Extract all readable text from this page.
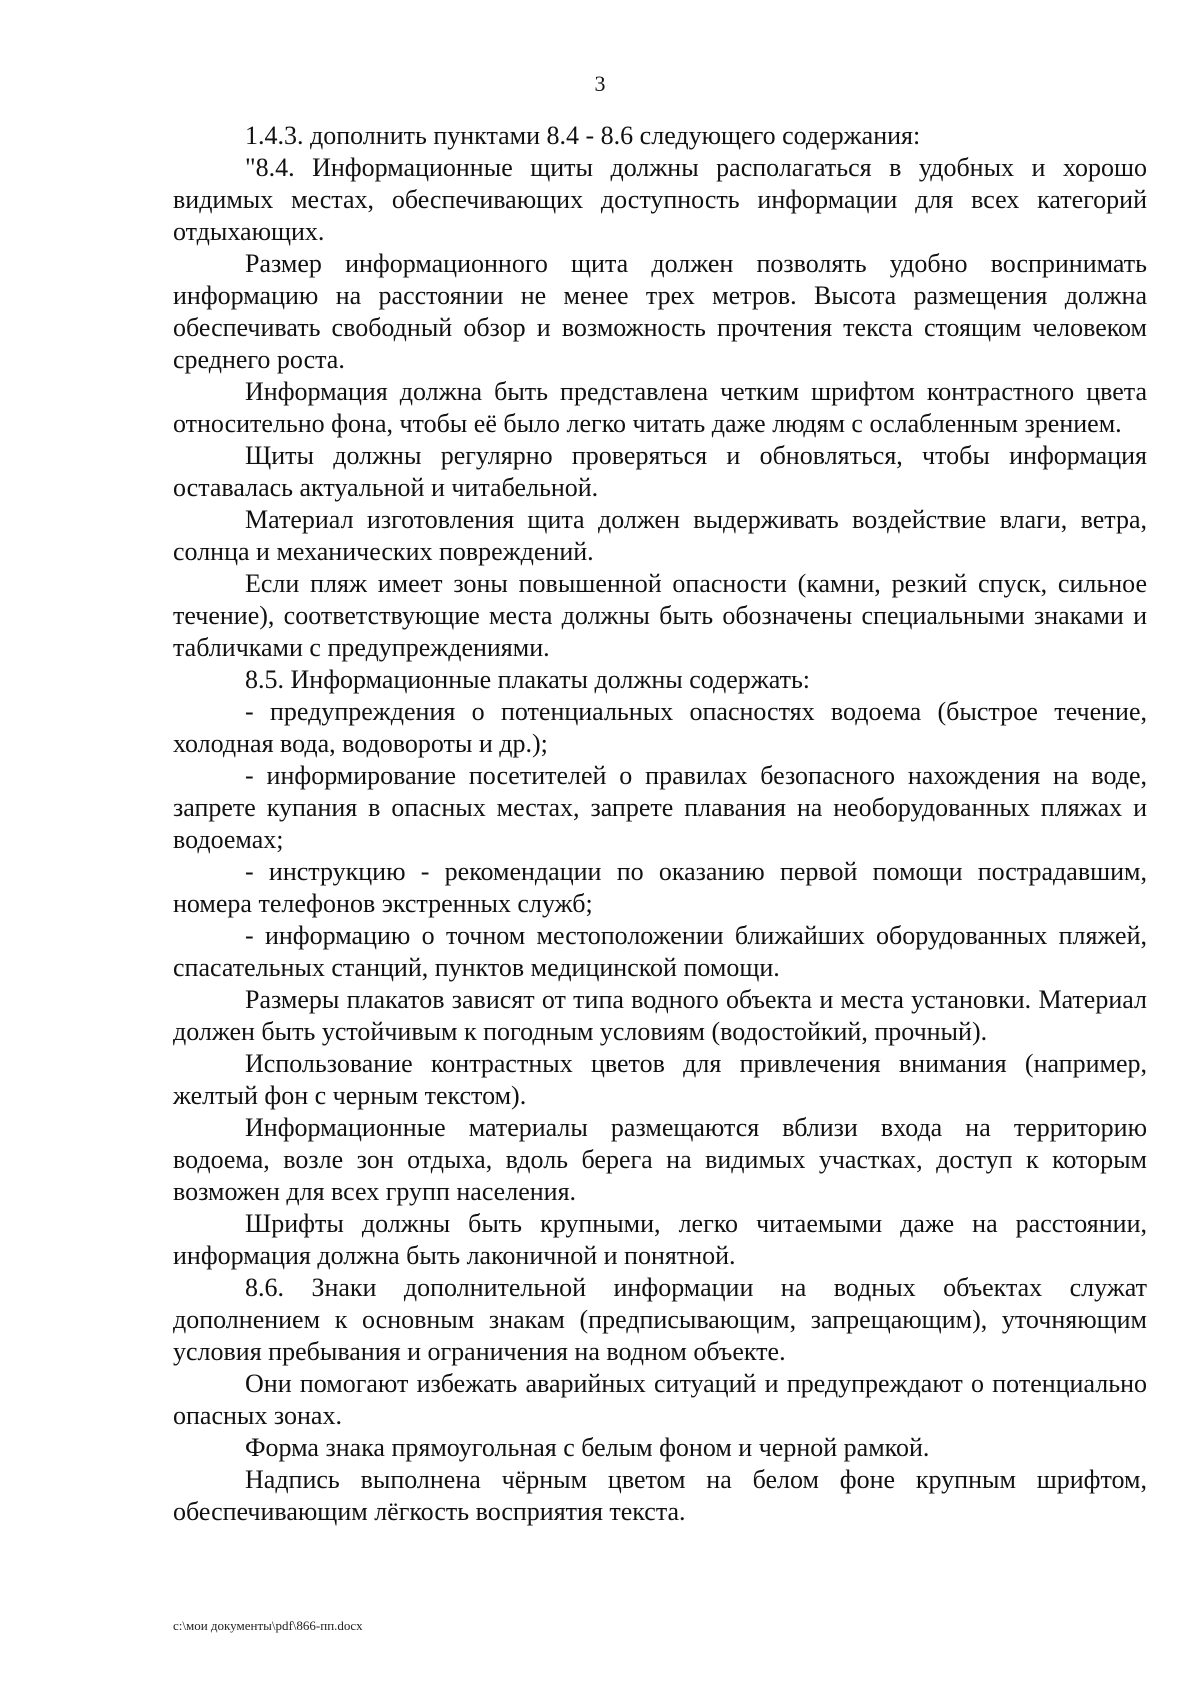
3

1.4.3. дополнить пунктами 8.4 - 8.6 следующего содержания:

"8.4. Информационные щиты должны располагаться в удобных и хорошо видимых местах, обеспечивающих доступность информации для всех категорий отдыхающих.

Размер информационного щита должен позволять удобно воспринимать информацию на расстоянии не менее трех метров. Высота размещения должна обеспечивать свободный обзор и возможность прочтения текста стоящим человеком среднего роста.

Информация должна быть представлена четким шрифтом контрастного цвета относительно фона, чтобы её было легко читать даже людям с ослабленным зрением.

Щиты должны регулярно проверяться и обновляться, чтобы информация оставалась актуальной и читабельной.

Материал изготовления щита должен выдерживать воздействие влаги, ветра, солнца и механических повреждений.

Если пляж имеет зоны повышенной опасности (камни, резкий спуск, сильное течение), соответствующие места должны быть обозначены специальными знаками и табличками с предупреждениями.

8.5. Информационные плакаты должны содержать:

- предупреждения о потенциальных опасностях водоема (быстрое течение, холодная вода, водовороты и др.);

- информирование посетителей о правилах безопасного нахождения на воде, запрете купания в опасных местах, запрете плавания на необорудованных пляжах и водоемах;

- инструкцию - рекомендации по оказанию первой помощи пострадавшим, номера телефонов экстренных служб;

- информацию о точном местоположении ближайших оборудованных пляжей, спасательных станций, пунктов медицинской помощи.

Размеры плакатов зависят от типа водного объекта и места установки. Материал должен быть устойчивым к погодным условиям (водостойкий, прочный).

Использование контрастных цветов для привлечения внимания (например, желтый фон с черным текстом).

Информационные материалы размещаются вблизи входа на территорию водоема, возле зон отдыха, вдоль берега на видимых участках, доступ к которым возможен для всех групп населения.

Шрифты должны быть крупными, легко читаемыми даже на расстоянии, информация должна быть лаконичной и понятной.

8.6. Знаки дополнительной информации на водных объектах служат дополнением к основным знакам (предписывающим, запрещающим), уточняющим условия пребывания и ограничения на водном объекте.

Они помогают избежать аварийных ситуаций и предупреждают о потенциально опасных зонах.

Форма знака прямоугольная с белым фоном и черной рамкой.

Надпись выполнена чёрным цветом на белом фоне крупным шрифтом, обеспечивающим лёгкость восприятия текста.

c:\мои документы\pdf\866-пп.docx
